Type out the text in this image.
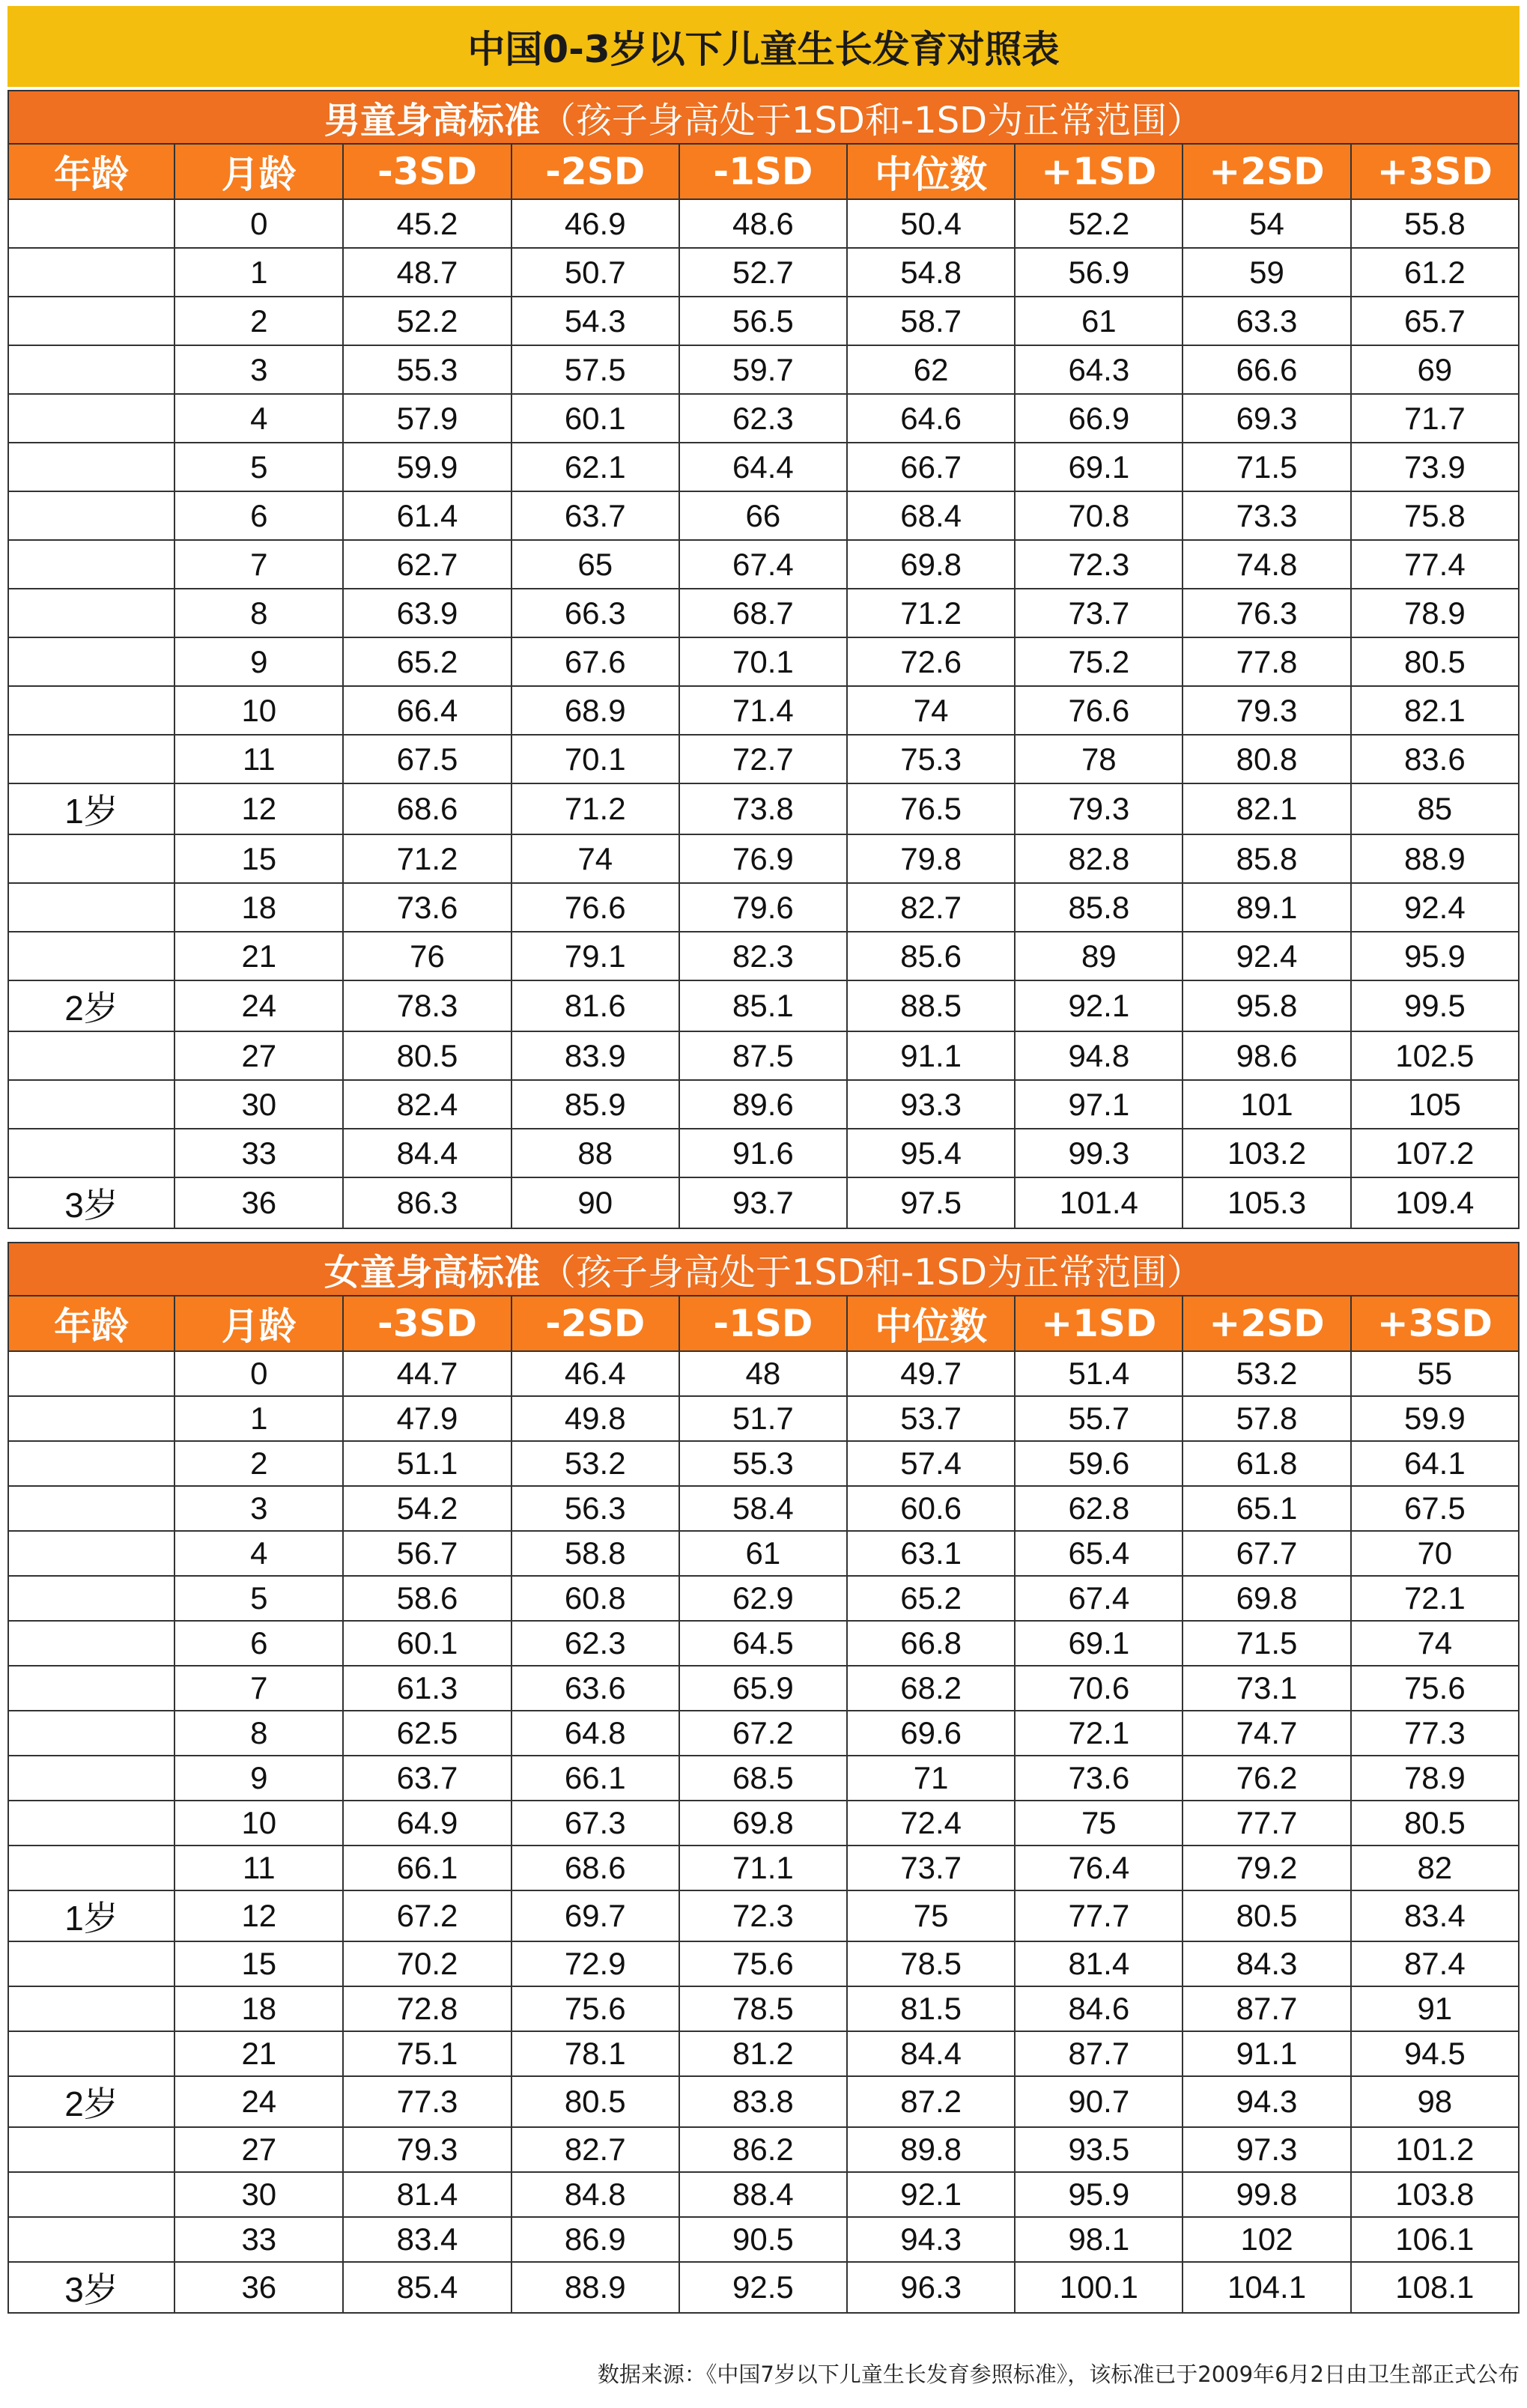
中国0-3岁以下儿童生长发育对照表
男童身高标准（孩子身高处于1SD和-1SD为正常范围）								
年龄	月龄	-3SD	-2SD	-1SD	中位数	+1SD	+2SD	+3SD
	0	45.2	46.9	48.6	50.4	52.2	54	55.8
	1	48.7	50.7	52.7	54.8	56.9	59	61.2
	2	52.2	54.3	56.5	58.7	61	63.3	65.7
	3	55.3	57.5	59.7	62	64.3	66.6	69
	4	57.9	60.1	62.3	64.6	66.9	69.3	71.7
	5	59.9	62.1	64.4	66.7	69.1	71.5	73.9
	6	61.4	63.7	66	68.4	70.8	73.3	75.8
	7	62.7	65	67.4	69.8	72.3	74.8	77.4
	8	63.9	66.3	68.7	71.2	73.7	76.3	78.9
	9	65.2	67.6	70.1	72.6	75.2	77.8	80.5
	10	66.4	68.9	71.4	74	76.6	79.3	82.1
	11	67.5	70.1	72.7	75.3	78	80.8	83.6
1岁	12	68.6	71.2	73.8	76.5	79.3	82.1	85
	15	71.2	74	76.9	79.8	82.8	85.8	88.9
	18	73.6	76.6	79.6	82.7	85.8	89.1	92.4
	21	76	79.1	82.3	85.6	89	92.4	95.9
2岁	24	78.3	81.6	85.1	88.5	92.1	95.8	99.5
	27	80.5	83.9	87.5	91.1	94.8	98.6	102.5
	30	82.4	85.9	89.6	93.3	97.1	101	105
	33	84.4	88	91.6	95.4	99.3	103.2	107.2
3岁	36	86.3	90	93.7	97.5	101.4	105.3	109.4
女童身高标准（孩子身高处于1SD和-1SD为正常范围）								
年龄	月龄	-3SD	-2SD	-1SD	中位数	+1SD	+2SD	+3SD
	0	44.7	46.4	48	49.7	51.4	53.2	55
	1	47.9	49.8	51.7	53.7	55.7	57.8	59.9
	2	51.1	53.2	55.3	57.4	59.6	61.8	64.1
	3	54.2	56.3	58.4	60.6	62.8	65.1	67.5
	4	56.7	58.8	61	63.1	65.4	67.7	70
	5	58.6	60.8	62.9	65.2	67.4	69.8	72.1
	6	60.1	62.3	64.5	66.8	69.1	71.5	74
	7	61.3	63.6	65.9	68.2	70.6	73.1	75.6
	8	62.5	64.8	67.2	69.6	72.1	74.7	77.3
	9	63.7	66.1	68.5	71	73.6	76.2	78.9
	10	64.9	67.3	69.8	72.4	75	77.7	80.5
	11	66.1	68.6	71.1	73.7	76.4	79.2	82
1岁	12	67.2	69.7	72.3	75	77.7	80.5	83.4
	15	70.2	72.9	75.6	78.5	81.4	84.3	87.4
	18	72.8	75.6	78.5	81.5	84.6	87.7	91
	21	75.1	78.1	81.2	84.4	87.7	91.1	94.5
2岁	24	77.3	80.5	83.8	87.2	90.7	94.3	98
	27	79.3	82.7	86.2	89.8	93.5	97.3	101.2
	30	81.4	84.8	88.4	92.1	95.9	99.8	103.8
	33	83.4	86.9	90.5	94.3	98.1	102	106.1
3岁	36	85.4	88.9	92.5	96.3	100.1	104.1	108.1
数据来源：《中国7岁以下儿童生长发育参照标准》，该标准已于2009年6月2日由卫生部正式公布
